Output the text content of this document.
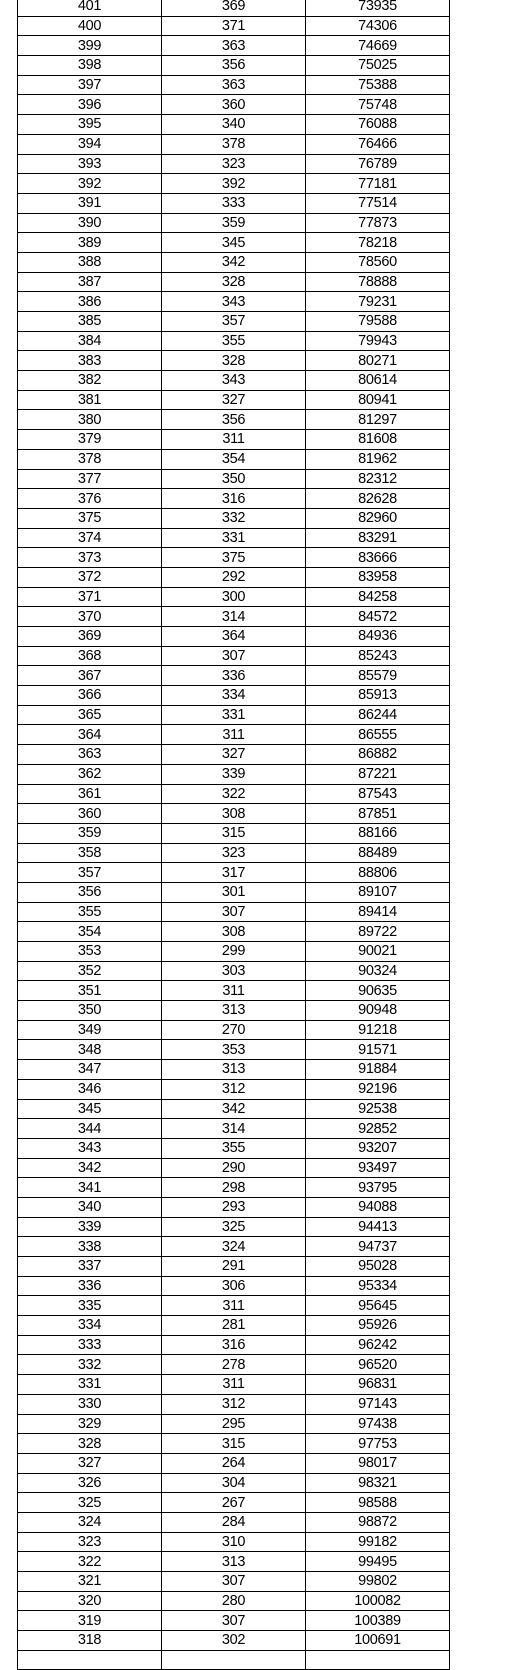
401	369	73935
400	371	74306
399	363	74669
398	356	75025
397	363	75388
396	360	75748
395	340	76088
394	378	76466
393	323	76789
392	392	77181
391	333	77514
390	359	77873
389	345	78218
388	342	78560
387	328	78888
386	343	79231
385	357	79588
384	355	79943
383	328	80271
382	343	80614
381	327	80941
380	356	81297
379	311	81608
378	354	81962
377	350	82312
376	316	82628
375	332	82960
374	331	83291
373	375	83666
372	292	83958
371	300	84258
370	314	84572
369	364	84936
368	307	85243
367	336	85579
366	334	85913
365	331	86244
364	311	86555
363	327	86882
362	339	87221
361	322	87543
360	308	87851
359	315	88166
358	323	88489
357	317	88806
356	301	89107
355	307	89414
354	308	89722
353	299	90021
352	303	90324
351	311	90635
350	313	90948
349	270	91218
348	353	91571
347	313	91884
346	312	92196
345	342	92538
344	314	92852
343	355	93207
342	290	93497
341	298	93795
340	293	94088
339	325	94413
338	324	94737
337	291	95028
336	306	95334
335	311	95645
334	281	95926
333	316	96242
332	278	96520
331	311	96831
330	312	97143
329	295	97438
328	315	97753
327	264	98017
326	304	98321
325	267	98588
324	284	98872
323	310	99182
322	313	99495
321	307	99802
320	280	100082
319	307	100389
318	302	100691
